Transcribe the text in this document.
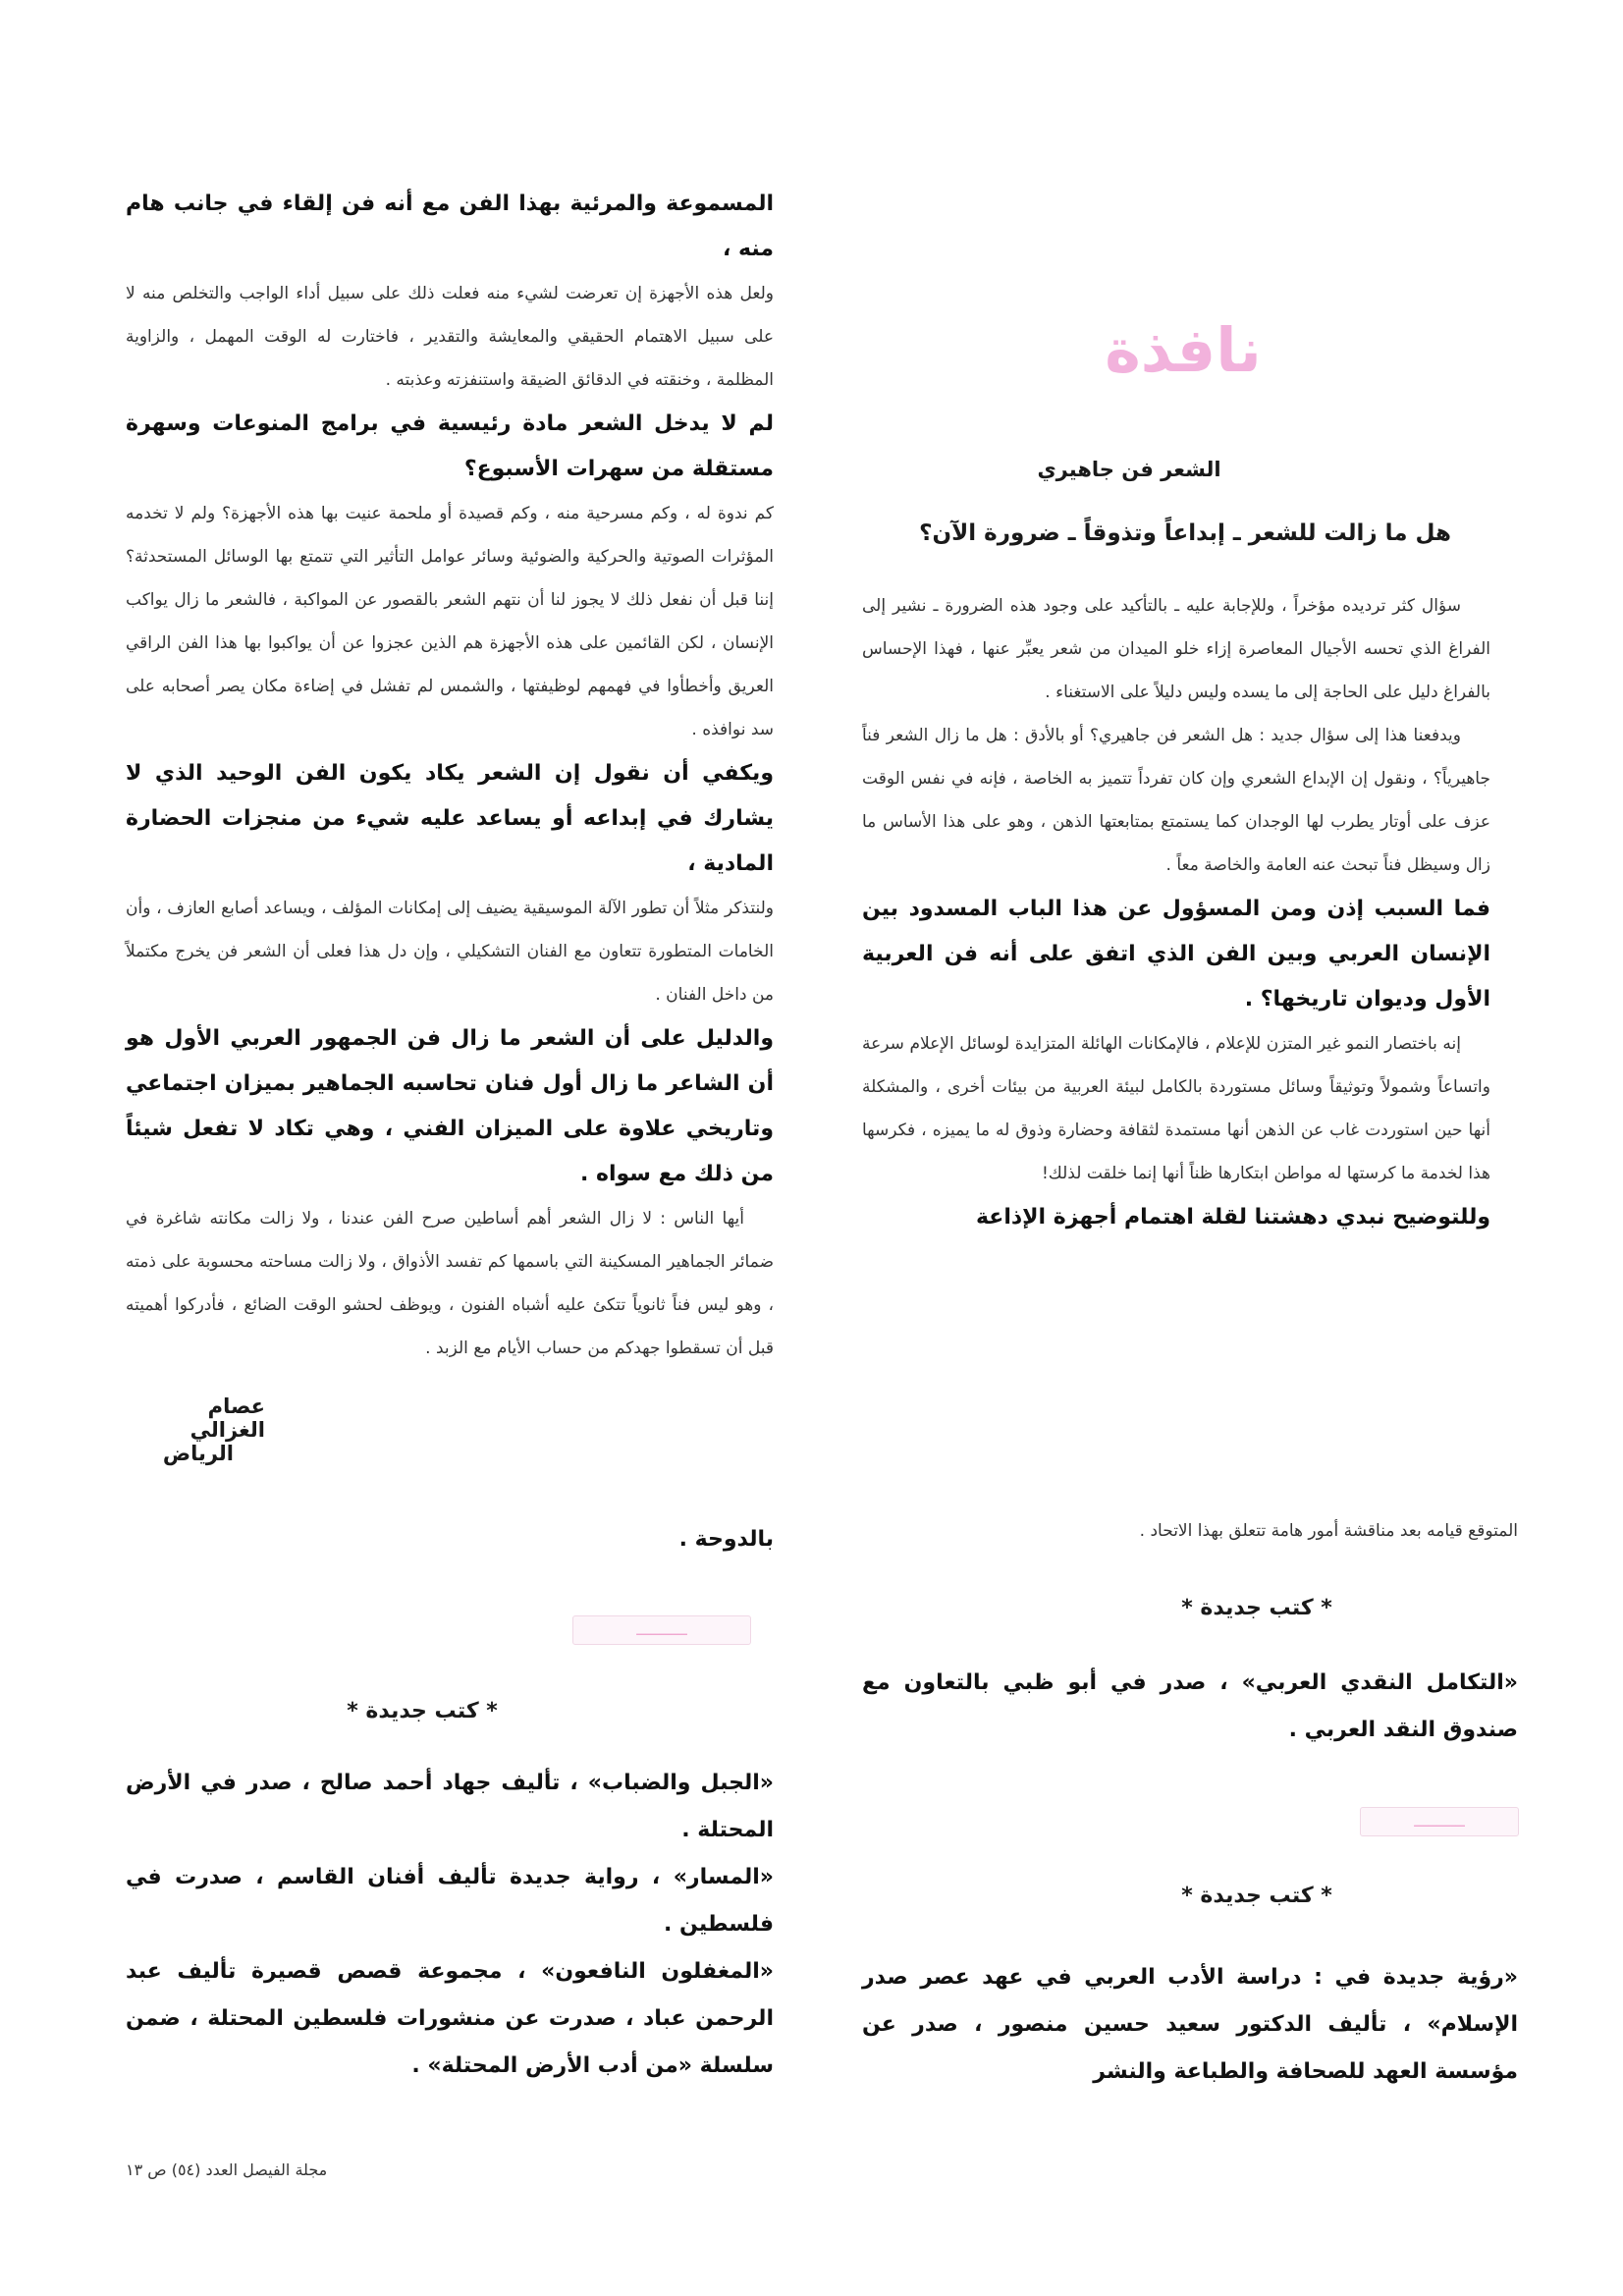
نافذة
الشعر فن جاهيري
هل ما زالت للشعر ـ إبداعاً وتذوقاً ـ ضرورة الآن؟

سؤال كثر ترديده مؤخراً ، وللإجابة عليه ـ بالتأكيد على وجود هذه الضرورة ـ نشير إلى الفراغ الذي تحسه الأجيال المعاصرة إزاء خلو الميدان من شعر يعبِّر عنها ، فهذا الإحساس بالفراغ دليل على الحاجة إلى ما يسده وليس دليلاً على الاستغناء .

ويدفعنا هذا إلى سؤال جديد : هل الشعر فن جاهيري؟ أو بالأدق : هل ما زال الشعر فناً جاهيرياً؟ ، ونقول إن الإبداع الشعري وإن كان تفرداً تتميز به الخاصة ، فإنه في نفس الوقت عزف على أوتار يطرب لها الوجدان كما يستمتع بمتابعتها الذهن ، وهو على هذا الأساس ما زال وسيظل فناً تبحث عنه العامة والخاصة معاً .

فما السبب إذن ومن المسؤول عن هذا الباب المسدود بين الإنسان العربي وبين الفن الذي اتفق على أنه فن العربية الأول وديوان تاريخها؟ .

إنه باختصار النمو غير المتزن للإعلام ، فالإمكانات الهائلة المتزايدة لوسائل الإعلام سرعة واتساعاً وشمولاً وتوثيقاً وسائل مستوردة بالكامل لبيئة العربية من بيئات أخرى ، والمشكلة أنها حين استوردت غاب عن الذهن أنها مستمدة لثقافة وحضارة وذوق له ما يميزه ، فكرسها هذا لخدمة ما كرستها له مواطن ابتكارها ظناً أنها إنما خلقت لذلك!

وللتوضيح نبدي دهشتنا لقلة اهتمام أجهزة الإذاعة

المسموعة والمرئية بهذا الفن مع أنه فن إلقاء في جانب هام منه ،

ولعل هذه الأجهزة إن تعرضت لشيء منه فعلت ذلك على سبيل أداء الواجب والتخلص منه لا على سبيل الاهتمام الحقيقي والمعايشة والتقدير ، فاختارت له الوقت المهمل ، والزاوية المظلمة ، وخنقته في الدقائق الضيقة واستنفزته وعذبته .

لم لا يدخل الشعر مادة رئيسية في برامج المنوعات وسهرة مستقلة من سهرات الأسبوع؟

كم ندوة له ، وكم مسرحية منه ، وكم قصيدة أو ملحمة عنيت بها هذه الأجهزة؟ ولم لا تخدمه المؤثرات الصوتية والحركية والضوئية وسائر عوامل التأثير التي تتمتع بها الوسائل المستحدثة؟ إننا قبل أن نفعل ذلك لا يجوز لنا أن نتهم الشعر بالقصور عن المواكبة ، فالشعر ما زال يواكب الإنسان ، لكن القائمين على هذه الأجهزة هم الذين عجزوا عن أن يواكبوا بها هذا الفن الراقي العريق وأخطأوا في فهمهم لوظيفتها ، والشمس لم تفشل في إضاءة مكان يصر أصحابه على سد نوافذه .

ويكفي أن نقول إن الشعر يكاد يكون الفن الوحيد الذي لا يشارك في إبداعه أو يساعد عليه شيء من منجزات الحضارة المادية ،

ولنتذكر مثلاً أن تطور الآلة الموسيقية يضيف إلى إمكانات المؤلف ، ويساعد أصابع العازف ، وأن الخامات المتطورة تتعاون مع الفنان التشكيلي ، وإن دل هذا فعلى أن الشعر فن يخرج مكتملاً من داخل الفنان .

والدليل على أن الشعر ما زال فن الجمهور العربي الأول هو أن الشاعر ما زال أول فنان تحاسبه الجماهير بميزان اجتماعي وتاريخي علاوة على الميزان الفني ، وهي تكاد لا تفعل شيئاً من ذلك مع سواه .

أيها الناس : لا زال الشعر أهم أساطين صرح الفن عندنا ، ولا زالت مكانته شاغرة في ضمائر الجماهير المسكينة التي باسمها كم تفسد الأذواق ، ولا زالت مساحته محسوبة على ذمته ، وهو ليس فناً ثانوياً تتكئ عليه أشباه الفنون ، ويوظف لحشو الوقت الضائع ، فأدركوا أهميته قبل أن تسقطوا جهدكم من حساب الأيام مع الزبد .

عصام الغزالي
الرياض

المتوقع قيامه بعد مناقشة أمور هامة تتعلق بهذا الاتحاد .

* كتب جديدة *

«التكامل النقدي العربي» ، صدر في أبو ظبي بالتعاون مع صندوق النقد العربي .

ـــــــــــ
* كتب جديدة *

«رؤية جديدة في : دراسة الأدب العربي في عهد عصر صدر الإسلام» ، تأليف الدكتور سعيد حسين منصور ، صدر عن مؤسسة العهد للصحافة والطباعة والنشر

بالدوحة .

ـــــــــــ
* كتب جديدة *

«الجبل والضباب» ، تأليف جهاد أحمد صالح ، صدر في الأرض المحتلة .

«المسار» ، رواية جديدة تأليف أفنان القاسم ، صدرت في فلسطين .

«المغفلون النافعون» ، مجموعة قصص قصيرة تأليف عبد الرحمن عباد ، صدرت عن منشورات فلسطين المحتلة ، ضمن سلسلة «من أدب الأرض المحتلة» .

مجلة الفيصل العدد (٥٤) ص ١٣
